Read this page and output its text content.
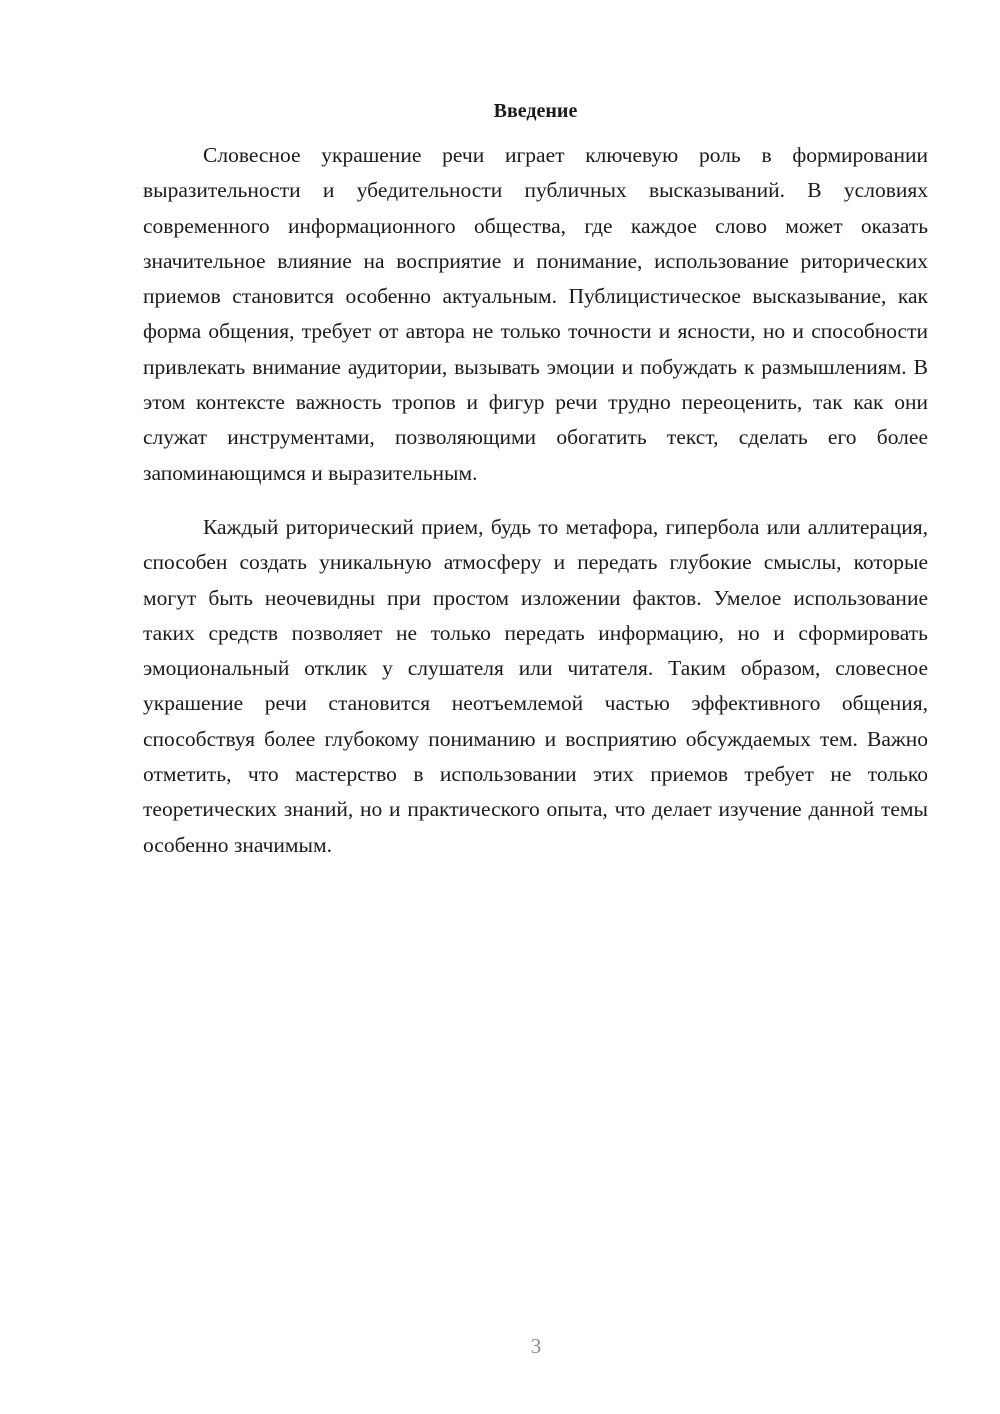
Введение

Словесное украшение речи играет ключевую роль в формировании выразительности и убедительности публичных высказываний. В условиях современного информационного общества, где каждое слово может оказать значительное влияние на восприятие и понимание, использование риторических приемов становится особенно актуальным. Публицистическое высказывание, как форма общения, требует от автора не только точности и ясности, но и способности привлекать внимание аудитории, вызывать эмоции и побуждать к размышлениям. В этом контексте важность тропов и фигур речи трудно переоценить, так как они служат инструментами, позволяющими обогатить текст, сделать его более запоминающимся и выразительным.

Каждый риторический прием, будь то метафора, гипербола или аллитерация, способен создать уникальную атмосферу и передать глубокие смыслы, которые могут быть неочевидны при простом изложении фактов. Умелое использование таких средств позволяет не только передать информацию, но и сформировать эмоциональный отклик у слушателя или читателя. Таким образом, словесное украшение речи становится неотъемлемой частью эффективного общения, способствуя более глубокому пониманию и восприятию обсуждаемых тем. Важно отметить, что мастерство в использовании этих приемов требует не только теоретических знаний, но и практического опыта, что делает изучение данной темы особенно значимым.

3
